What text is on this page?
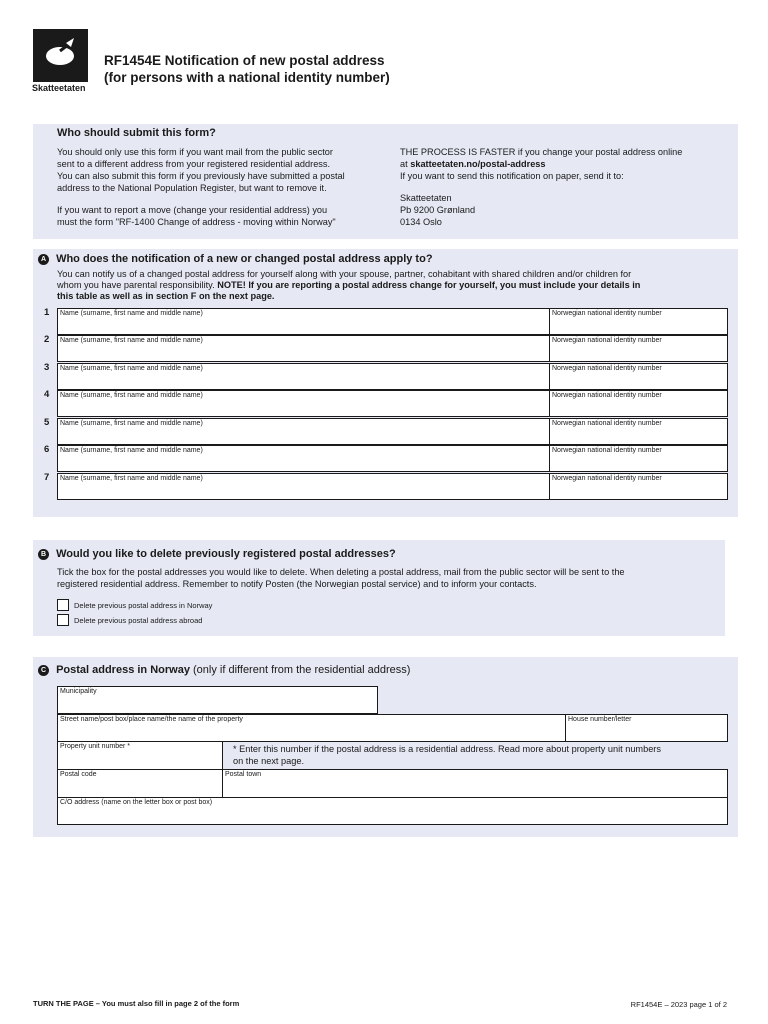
Skatteetaten
RF1454E Notification of new postal address
(for persons with a national identity number)
Who should submit this form?
You should only use this form if you want mail from the public sector
sent to a different address from your registered residential address.
You can also submit this form if you previously have submitted a postal
address to the National Population Register, but want to remove it.
If you want to report a move (change your residential address) you
must the form "RF-1400 Change of address - moving within Norway"
THE PROCESS IS FASTER if you change your postal address online
at skatteetaten.no/postal-address
If you want to send this notification on paper, send it to:
Skatteetaten
Pb 9200 Grønland
0134 Oslo
A Who does the notification of a new or changed postal address apply to?
You can notify us of a changed postal address for yourself along with your spouse, partner, cohabitant with shared children and/or children for
whom you have parental responsibility. NOTE! If you are reporting a postal address change for yourself, you must include your details in
this table as well as in section F on the next page.
1 Name (surname, first name and middle name)	Norwegian national identity number
2 Name (surname, first name and middle name)	Norwegian national identity number
3 Name (surname, first name and middle name)	Norwegian national identity number
4 Name (surname, first name and middle name)	Norwegian national identity number
5 Name (surname, first name and middle name)	Norwegian national identity number
6 Name (surname, first name and middle name)	Norwegian national identity number
7 Name (surname, first name and middle name)	Norwegian national identity number
B Would you like to delete previously registered postal addresses?
Tick the box for the postal addresses you would like to delete. When deleting a postal address, mail from the public sector will be sent to the
registered residential address. Remember to notify Posten (the Norwegian postal service) and to inform your contacts.
Delete previous postal address in Norway
Delete previous postal address abroad
C Postal address in Norway (only if different from the residential address)
Municipality
Street name/post box/place name/the name of the property	House number/letter
Property unit number *	* Enter this number if the postal address is a residential address. Read more about property unit numbers
on the next page.
Postal code	Postal town
C/O address (name on the letter box or post box)
TURN THE PAGE – You must also fill in page 2 of the form	RF1454E – 2023 page 1 of 2
